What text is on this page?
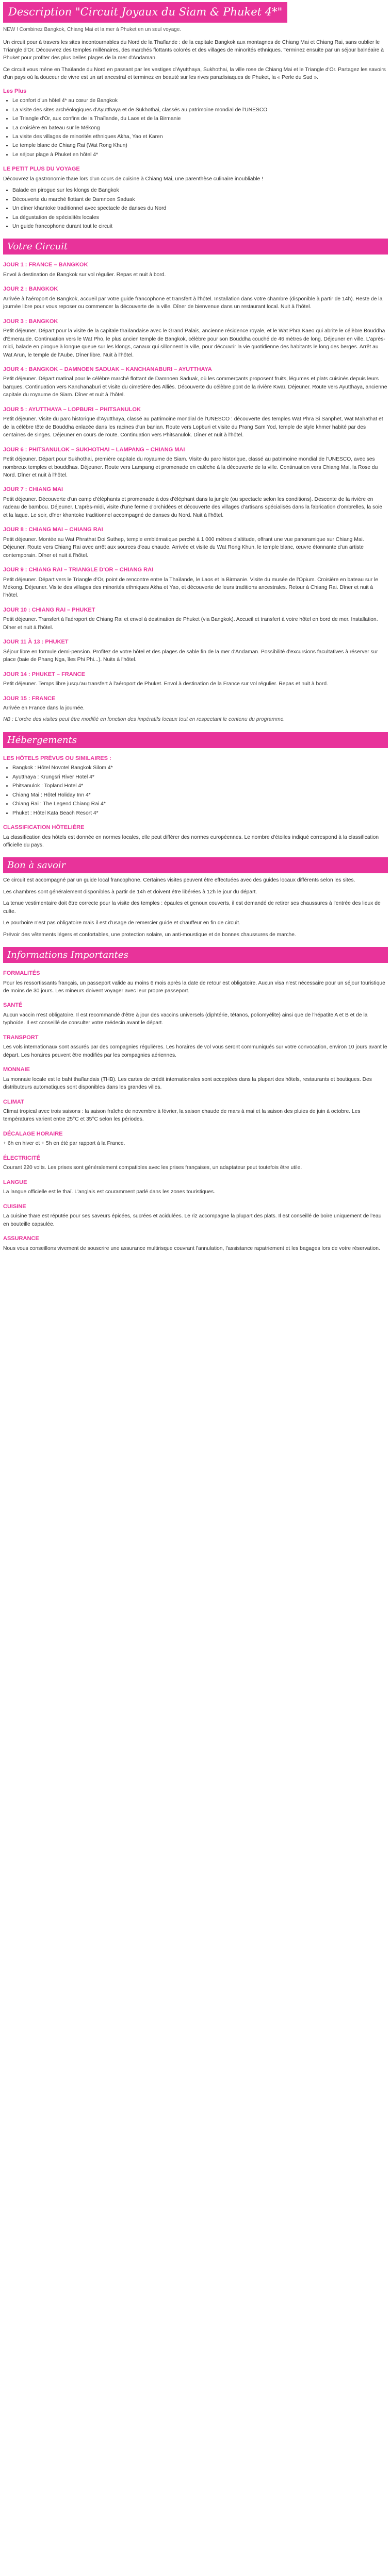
Description "Circuit Joyaux du Siam & Phuket 4*"

NEW ! Combinez Bangkok, Chiang Mai et la mer à Phuket en un seul voyage.

Un circuit pour à travers les sites incontournables du Nord de la Thaïlande : de la capitale Bangkok aux montagnes de Chiang Mai et Chiang Rai, sans oublier le Triangle d'Or. Découvrez des temples millénaires, des marchés flottants colorés et des villages de minorités ethniques. Terminez ensuite par un séjour balnéaire à Phuket pour profiter des plus belles plages de la mer d'Andaman.

Ce circuit vous mène en Thaïlande du Nord en passant par les vestiges d'Ayutthaya, Sukhothai, la ville rose de Chiang Mai et le Triangle d'Or. Partagez les savoirs d'un pays où la douceur de vivre est un art ancestral et terminez en beauté sur les rives paradisiaques de Phuket, la « Perle du Sud ».

Les Plus
• Le confort d'un hôtel 4* au cœur de Bangkok
• La visite des sites archéologiques d'Ayutthaya et de Sukhothai, classés au patrimoine mondial de l'UNESCO
• Le Triangle d'Or, aux confins de la Thaïlande, du Laos et de la Birmanie
• La croisière en bateau sur le Mékong
• La visite des villages de minorités ethniques Akha, Yao et Karen
• Le temple blanc de Chiang Rai (Wat Rong Khun)
• Le séjour plage à Phuket en hôtel 4*
LE PETIT PLUS DU VOYAGE

Découvrez la gastronomie thaïe lors d'un cours de cuisine à Chiang Mai, une parenthèse culinaire inoubliable !

• Balade en pirogue sur les klongs de Bangkok
• Découverte du marché flottant de Damnoen Saduak
• Un dîner khantoke traditionnel avec spectacle de danses du Nord
• La dégustation de spécialités locales
• Un guide francophone durant tout le circuit
Votre Circuit
JOUR 1 : FRANCE – BANGKOK

Envol à destination de Bangkok sur vol régulier. Repas et nuit à bord.

JOUR 2 : BANGKOK

Arrivée à l'aéroport de Bangkok, accueil par votre guide francophone et transfert à l'hôtel. Installation dans votre chambre (disponible à partir de 14h). Reste de la journée libre pour vous reposer ou commencer la découverte de la ville. Dîner de bienvenue dans un restaurant local. Nuit à l'hôtel.

JOUR 3 : BANGKOK

Petit déjeuner. Départ pour la visite de la capitale thaïlandaise avec le Grand Palais, ancienne résidence royale, et le Wat Phra Kaeo qui abrite le célèbre Bouddha d'Émeraude. Continuation vers le Wat Pho, le plus ancien temple de Bangkok, célèbre pour son Bouddha couché de 46 mètres de long. Déjeuner en ville. L'après-midi, balade en pirogue à longue queue sur les klongs, canaux qui sillonnent la ville, pour découvrir la vie quotidienne des habitants le long des berges. Arrêt au Wat Arun, le temple de l'Aube. Dîner libre. Nuit à l'hôtel.

JOUR 4 : BANGKOK – DAMNOEN SADUAK – KANCHANABURI – AYUTTHAYA

Petit déjeuner. Départ matinal pour le célèbre marché flottant de Damnoen Saduak, où les commerçants proposent fruits, légumes et plats cuisinés depuis leurs barques. Continuation vers Kanchanaburi et visite du cimetière des Alliés. Découverte du célèbre pont de la rivière Kwaï. Déjeuner. Route vers Ayutthaya, ancienne capitale du royaume de Siam. Dîner et nuit à l'hôtel.

JOUR 5 : AYUTTHAYA – LOPBURI – PHITSANULOK

Petit déjeuner. Visite du parc historique d'Ayutthaya, classé au patrimoine mondial de l'UNESCO : découverte des temples Wat Phra Si Sanphet, Wat Mahathat et de la célèbre tête de Bouddha enlacée dans les racines d'un banian. Route vers Lopburi et visite du Prang Sam Yod, temple de style khmer habité par des centaines de singes. Déjeuner en cours de route. Continuation vers Phitsanulok. Dîner et nuit à l'hôtel.

JOUR 6 : PHITSANULOK – SUKHOTHAI – LAMPANG – CHIANG MAI

Petit déjeuner. Départ pour Sukhothai, première capitale du royaume de Siam. Visite du parc historique, classé au patrimoine mondial de l'UNESCO, avec ses nombreux temples et bouddhas. Déjeuner. Route vers Lampang et promenade en calèche à la découverte de la ville. Continuation vers Chiang Mai, la Rose du Nord. Dîner et nuit à l'hôtel.

JOUR 7 : CHIANG MAI

Petit déjeuner. Découverte d'un camp d'éléphants et promenade à dos d'éléphant dans la jungle (ou spectacle selon les conditions). Descente de la rivière en radeau de bambou. Déjeuner. L'après-midi, visite d'une ferme d'orchidées et découverte des villages d'artisans spécialisés dans la fabrication d'ombrelles, la soie et la laque. Le soir, dîner khantoke traditionnel accompagné de danses du Nord. Nuit à l'hôtel.

JOUR 8 : CHIANG MAI – CHIANG RAI

Petit déjeuner. Montée au Wat Phrathat Doi Suthep, temple emblématique perché à 1 000 mètres d'altitude, offrant une vue panoramique sur Chiang Mai. Déjeuner. Route vers Chiang Rai avec arrêt aux sources d'eau chaude. Arrivée et visite du Wat Rong Khun, le temple blanc, œuvre étonnante d'un artiste contemporain. Dîner et nuit à l'hôtel.

JOUR 9 : CHIANG RAI – TRIANGLE D'OR – CHIANG RAI

Petit déjeuner. Départ vers le Triangle d'Or, point de rencontre entre la Thaïlande, le Laos et la Birmanie. Visite du musée de l'Opium. Croisière en bateau sur le Mékong. Déjeuner. Visite des villages des minorités ethniques Akha et Yao, et découverte de leurs traditions ancestrales. Retour à Chiang Rai. Dîner et nuit à l'hôtel.

JOUR 10 : CHIANG RAI – PHUKET

Petit déjeuner. Transfert à l'aéroport de Chiang Rai et envol à destination de Phuket (via Bangkok). Accueil et transfert à votre hôtel en bord de mer. Installation. Dîner et nuit à l'hôtel.

JOUR 11 À 13 : PHUKET

Séjour libre en formule demi-pension. Profitez de votre hôtel et des plages de sable fin de la mer d'Andaman. Possibilité d'excursions facultatives à réserver sur place (baie de Phang Nga, îles Phi Phi...). Nuits à l'hôtel.

JOUR 14 : PHUKET – FRANCE

Petit déjeuner. Temps libre jusqu'au transfert à l'aéroport de Phuket. Envol à destination de la France sur vol régulier. Repas et nuit à bord.

JOUR 15 : FRANCE

Arrivée en France dans la journée.

NB : L'ordre des visites peut être modifié en fonction des impératifs locaux tout en respectant le contenu du programme.

Hébergements
LES HÔTELS PRÉVUS OU SIMILAIRES :
• Bangkok : Hôtel Novotel Bangkok Silom 4*
• Ayutthaya : Krungsri River Hotel 4*
• Phitsanulok : Topland Hotel 4*
• Chiang Mai : Hôtel Holiday Inn 4*
• Chiang Rai : The Legend Chiang Rai 4*
• Phuket : Hôtel Kata Beach Resort 4*
CLASSIFICATION HÔTELIÈRE

La classification des hôtels est donnée en normes locales, elle peut différer des normes européennes. Le nombre d'étoiles indiqué correspond à la classification officielle du pays.

Bon à savoir

Ce circuit est accompagné par un guide local francophone. Certaines visites peuvent être effectuées avec des guides locaux différents selon les sites.

Les chambres sont généralement disponibles à partir de 14h et doivent être libérées à 12h le jour du départ.

La tenue vestimentaire doit être correcte pour la visite des temples : épaules et genoux couverts, il est demandé de retirer ses chaussures à l'entrée des lieux de culte.

Le pourboire n'est pas obligatoire mais il est d'usage de remercier guide et chauffeur en fin de circuit.

Prévoir des vêtements légers et confortables, une protection solaire, un anti-moustique et de bonnes chaussures de marche.

Informations Importantes
FORMALITÉS

Pour les ressortissants français, un passeport valide au moins 6 mois après la date de retour est obligatoire. Aucun visa n'est nécessaire pour un séjour touristique de moins de 30 jours. Les mineurs doivent voyager avec leur propre passeport.

SANTÉ

Aucun vaccin n'est obligatoire. Il est recommandé d'être à jour des vaccins universels (diphtérie, tétanos, poliomyélite) ainsi que de l'hépatite A et B et de la typhoïde. Il est conseillé de consulter votre médecin avant le départ.

TRANSPORT

Les vols internationaux sont assurés par des compagnies régulières. Les horaires de vol vous seront communiqués sur votre convocation, environ 10 jours avant le départ. Les horaires peuvent être modifiés par les compagnies aériennes.

MONNAIE

La monnaie locale est le baht thaïlandais (THB). Les cartes de crédit internationales sont acceptées dans la plupart des hôtels, restaurants et boutiques. Des distributeurs automatiques sont disponibles dans les grandes villes.

CLIMAT

Climat tropical avec trois saisons : la saison fraîche de novembre à février, la saison chaude de mars à mai et la saison des pluies de juin à octobre. Les températures varient entre 25°C et 35°C selon les périodes.

DÉCALAGE HORAIRE

+ 6h en hiver et + 5h en été par rapport à la France.

ÉLECTRICITÉ

Courant 220 volts. Les prises sont généralement compatibles avec les prises françaises, un adaptateur peut toutefois être utile.

LANGUE

La langue officielle est le thaï. L'anglais est couramment parlé dans les zones touristiques.

CUISINE

La cuisine thaïe est réputée pour ses saveurs épicées, sucrées et acidulées. Le riz accompagne la plupart des plats. Il est conseillé de boire uniquement de l'eau en bouteille capsulée.

ASSURANCE

Nous vous conseillons vivement de souscrire une assurance multirisque couvrant l'annulation, l'assistance rapatriement et les bagages lors de votre réservation.
